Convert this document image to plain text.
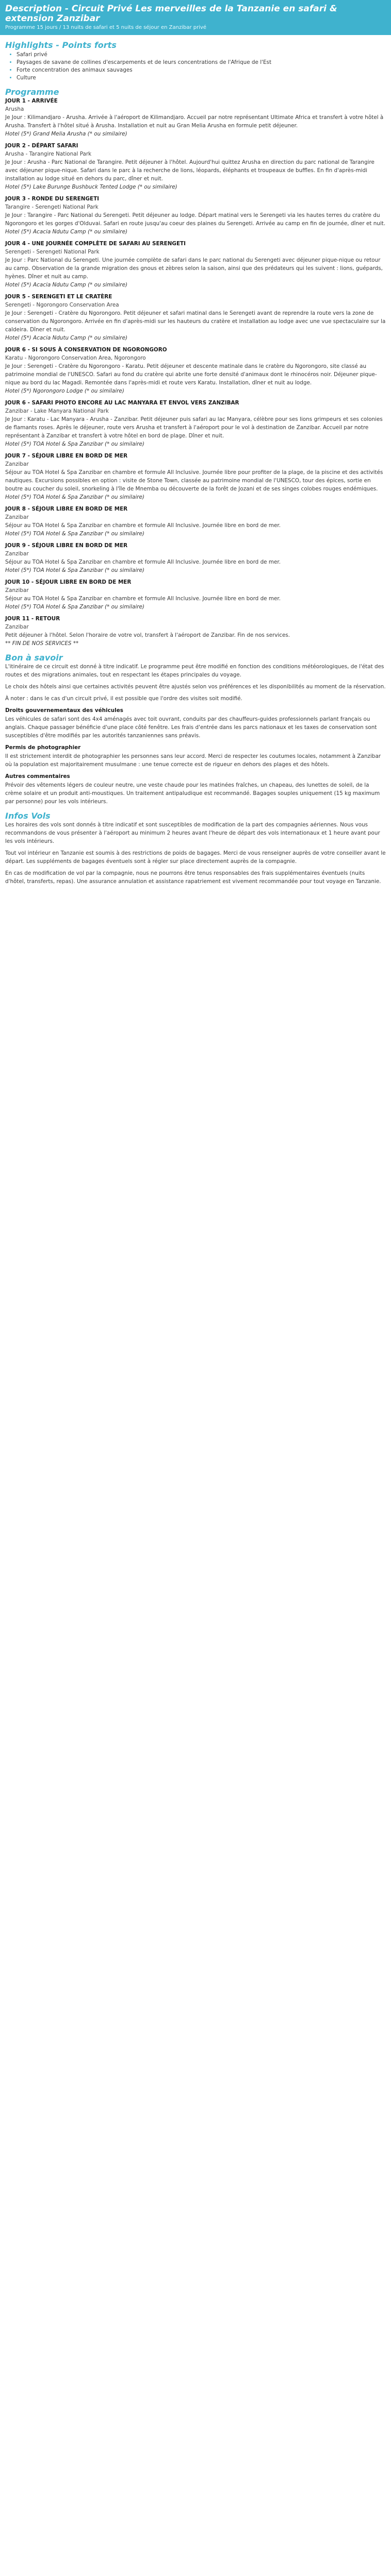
Description - Circuit Privé Les merveilles de la Tanzanie en safari & extension Zanzibar
Programme 15 jours / 13 nuits de safari et 5 nuits de séjour en Zanzibar privé
Highlights - Points forts
• Safari privé
• Paysages de savane de collines d'escarpements et de leurs concentrations de l'Afrique de l'Est
• Forte concentration des animaux sauvages
• Culture
Programme
JOUR 1 - ARRIVÉE
Arusha
Je Jour : Kilimandjaro - Arusha. Arrivée à l'aéroport de Kilimandjaro. Accueil par notre représentant Ultimate Africa et transfert à votre hôtel à Arusha. Transfert à l'hôtel situé à Arusha. Installation et nuit au Gran Melia Arusha en formule petit déjeuner.
Hotel (5*) Grand Melia Arusha (* ou similaire)
JOUR 2 - DÉPART SAFARI
Arusha - Tarangire National Park
Je Jour : Arusha - Parc National de Tarangire. Petit déjeuner à l'hôtel. Aujourd'hui quittez Arusha en direction du parc national de Tarangire avec déjeuner pique-nique. Safari dans le parc à la recherche de lions, léopards, éléphants et troupeaux de buffles. En fin d'après-midi installation au lodge situé en dehors du parc, dîner et nuit.
Hotel (5*) Lake Burunge Bushbuck Tented Lodge (* ou similaire)
JOUR 3 - RONDE DU SERENGETI
Tarangire - Serengeti National Park
Je Jour : Tarangire - Parc National du Serengeti. Petit déjeuner au lodge. Départ matinal vers le Serengeti via les hautes terres du cratère du Ngorongoro et les gorges d'Olduvai. Safari en route jusqu'au coeur des plaines du Serengeti. Arrivée au camp en fin de journée, dîner et nuit.
Hotel (5*) Acacia Ndutu Camp (* ou similaire)
JOUR 4 - UNE JOURNÉE COMPLÈTE DE SAFARI AU SERENGETI
Serengeti - Serengeti National Park
Je Jour : Parc National du Serengeti. Une journée complète de safari dans le parc national du Serengeti avec déjeuner pique-nique ou retour au camp. Observation de la grande migration des gnous et zèbres selon la saison, ainsi que des prédateurs qui les suivent : lions, guépards, hyènes. Dîner et nuit au camp.
Hotel (5*) Acacia Ndutu Camp (* ou similaire)
JOUR 5 - SERENGETI ET LE CRATÈRE
Serengeti - Ngorongoro Conservation Area
Je Jour : Serengeti - Cratère du Ngorongoro. Petit déjeuner et safari matinal dans le Serengeti avant de reprendre la route vers la zone de conservation du Ngorongoro. Arrivée en fin d'après-midi sur les hauteurs du cratère et installation au lodge avec une vue spectaculaire sur la caldeira. Dîner et nuit.
Hotel (5*) Acacia Ndutu Camp (* ou similaire)
JOUR 6 - SI SOUS À CONSERVATION DE NGORONGORO
Karatu - Ngorongoro Conservation Area, Ngorongoro
Je Jour : Serengeti - Cratère du Ngorongoro - Karatu. Petit déjeuner et descente matinale dans le cratère du Ngorongoro, site classé au patrimoine mondial de l'UNESCO. Safari au fond du cratère qui abrite une forte densité d'animaux dont le rhinocéros noir. Déjeuner pique-nique au bord du lac Magadi. Remontée dans l'après-midi et route vers Karatu. Installation, dîner et nuit au lodge.
Hotel (5*) Ngorongoro Lodge (* ou similaire)
JOUR 6 - SAFARI PHOTO ENCORE AU LAC MANYARA ET ENVOL VERS ZANZIBAR
Zanzibar - Lake Manyara National Park
Je Jour : Karatu - Lac Manyara - Arusha - Zanzibar. Petit déjeuner puis safari au lac Manyara, célèbre pour ses lions grimpeurs et ses colonies de flamants roses. Après le déjeuner, route vers Arusha et transfert à l'aéroport pour le vol à destination de Zanzibar. Accueil par notre représentant à Zanzibar et transfert à votre hôtel en bord de plage. Dîner et nuit.
Hotel (5*) TOA Hotel & Spa Zanzibar (* ou similaire)
JOUR 7 - SÉJOUR LIBRE EN BORD DE MER
Zanzibar
Séjour au TOA Hotel & Spa Zanzibar en chambre et formule All Inclusive. Journée libre pour profiter de la plage, de la piscine et des activités nautiques. Excursions possibles en option : visite de Stone Town, classée au patrimoine mondial de l'UNESCO, tour des épices, sortie en boutre au coucher du soleil, snorkeling à l'île de Mnemba ou découverte de la forêt de Jozani et de ses singes colobes rouges endémiques.
Hotel (5*) TOA Hotel & Spa Zanzibar (* ou similaire)
JOUR 8 - SÉJOUR LIBRE EN BORD DE MER
Zanzibar
Séjour au TOA Hotel & Spa Zanzibar en chambre et formule All Inclusive. Journée libre en bord de mer.
Hotel (5*) TOA Hotel & Spa Zanzibar (* ou similaire)
JOUR 9 - SÉJOUR LIBRE EN BORD DE MER
Zanzibar
Séjour au TOA Hotel & Spa Zanzibar en chambre et formule All Inclusive. Journée libre en bord de mer.
Hotel (5*) TOA Hotel & Spa Zanzibar (* ou similaire)
JOUR 10 - SÉJOUR LIBRE EN BORD DE MER
Zanzibar
Séjour au TOA Hotel & Spa Zanzibar en chambre et formule All Inclusive. Journée libre en bord de mer.
Hotel (5*) TOA Hotel & Spa Zanzibar (* ou similaire)
JOUR 11 - RETOUR
Zanzibar
Petit déjeuner à l'hôtel. Selon l'horaire de votre vol, transfert à l'aéroport de Zanzibar. Fin de nos services.
** FIN DE NOS SERVICES **
Bon à savoir

L'itinéraire de ce circuit est donné à titre indicatif. Le programme peut être modifié en fonction des conditions météorologiques, de l'état des routes et des migrations animales, tout en respectant les étapes principales du voyage.

Le choix des hôtels ainsi que certaines activités peuvent être ajustés selon vos préférences et les disponibilités au moment de la réservation.

À noter : dans le cas d'un circuit privé, il est possible que l'ordre des visites soit modifié.

Droits gouvernementaux des véhicules

Les véhicules de safari sont des 4x4 aménagés avec toit ouvrant, conduits par des chauffeurs-guides professionnels parlant français ou anglais. Chaque passager bénéficie d'une place côté fenêtre. Les frais d'entrée dans les parcs nationaux et les taxes de conservation sont susceptibles d'être modifiés par les autorités tanzaniennes sans préavis.

Permis de photographier

Il est strictement interdit de photographier les personnes sans leur accord. Merci de respecter les coutumes locales, notamment à Zanzibar où la population est majoritairement musulmane : une tenue correcte est de rigueur en dehors des plages et des hôtels.

Autres commentaires

Prévoir des vêtements légers de couleur neutre, une veste chaude pour les matinées fraîches, un chapeau, des lunettes de soleil, de la crème solaire et un produit anti-moustiques. Un traitement antipaludique est recommandé. Bagages souples uniquement (15 kg maximum par personne) pour les vols intérieurs.

Infos Vols

Les horaires des vols sont donnés à titre indicatif et sont susceptibles de modification de la part des compagnies aériennes. Nous vous recommandons de vous présenter à l'aéroport au minimum 2 heures avant l'heure de départ des vols internationaux et 1 heure avant pour les vols intérieurs.

Tout vol intérieur en Tanzanie est soumis à des restrictions de poids de bagages. Merci de vous renseigner auprès de votre conseiller avant le départ. Les suppléments de bagages éventuels sont à régler sur place directement auprès de la compagnie.

En cas de modification de vol par la compagnie, nous ne pourrons être tenus responsables des frais supplémentaires éventuels (nuits d'hôtel, transferts, repas). Une assurance annulation et assistance rapatriement est vivement recommandée pour tout voyage en Tanzanie.
